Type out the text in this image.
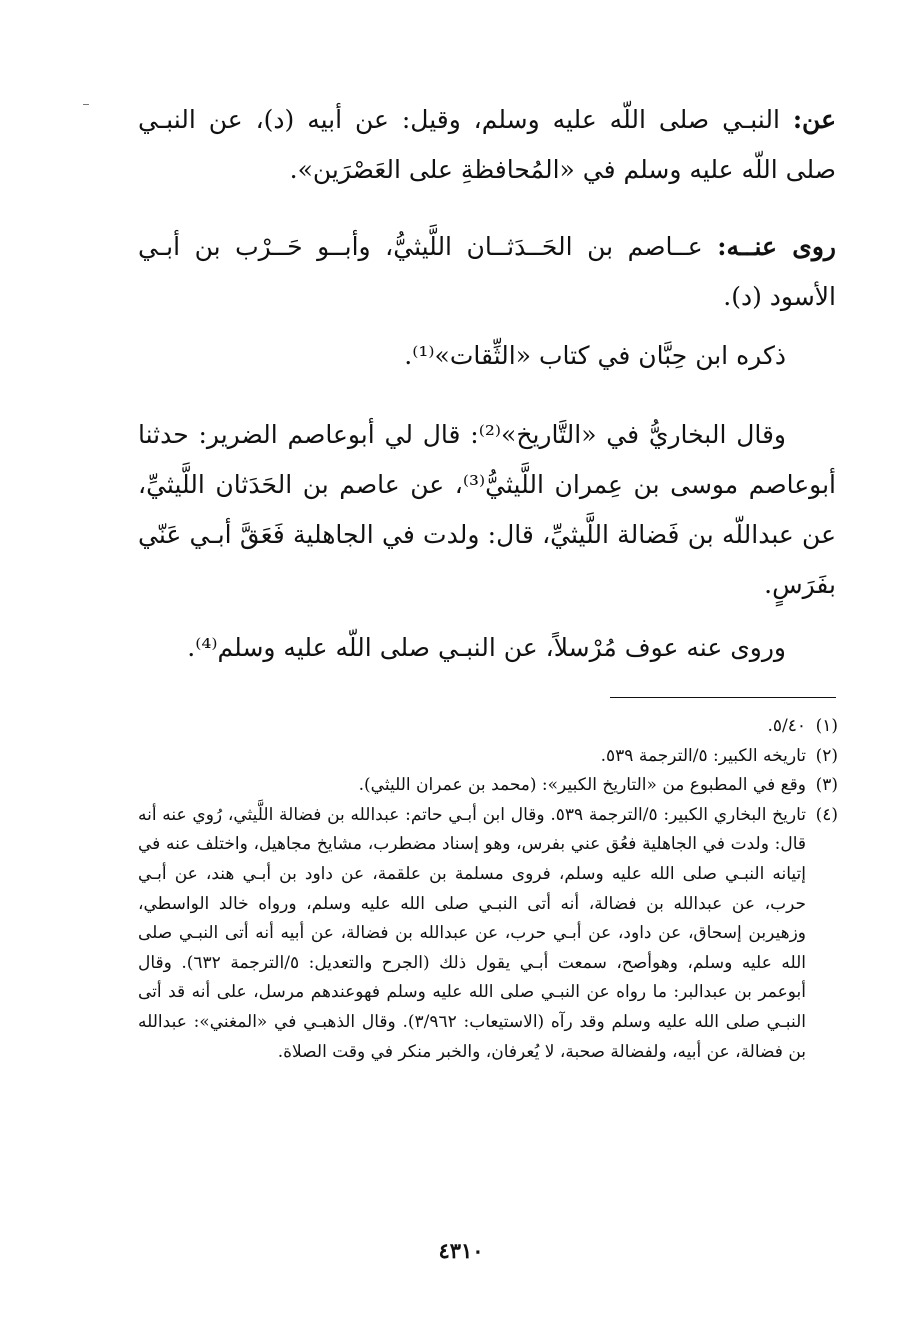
عن: النبـي صلى اللّه عليه وسلم، وقيل: عن أبيه (د)، عن النبـي صلى اللّه عليه وسلم في «المُحافظةِ على العَصْرَين».

روى عنــه: عــاصم بن الحَــدَثــان اللَّيثيُّ، وأبــو حَــرْب بن أبـي الأسود (د).

ذكره ابن حِبَّان في كتاب «الثِّقات»⁽¹⁾.

وقال البخاريُّ في «التَّاريخ»⁽²⁾: قال لي أبوعاصم الضرير: حدثنا أبوعاصم موسى بن عِمران اللَّيثيُّ⁽³⁾، عن عاصم بن الحَدَثان اللَّيثيِّ، عن عبداللّه بن فَضالة اللَّيثيِّ، قال: ولدت في الجاهلية فَعَقَّ أبـي عَنّي بفَرَسٍ.

وروى عنه عوف مُرْسلاً، عن النبـي صلى اللّه عليه وسلم⁽⁴⁾.

(١)
٥/٤٠.
(٢)
تاريخه الكبير: ٥/الترجمة ٥٣٩.
(٣)
وقع في المطبوع من «التاريخ الكبير»: (محمد بن عمران الليثي).
(٤)
تاريخ البخاري الكبير: ٥/الترجمة ٥٣٩. وقال ابن أبـي حاتم: عبدالله بن فضالة اللَّيثي، رُوي عنه أنه قال: ولدت في الجاهلية فعُق عني بفرس، وهو إسناد مضطرب، مشايخ مجاهيل، واختلف عنه في إتيانه النبـي صلى الله عليه وسلم، فروى مسلمة بن علقمة، عن داود بن أبـي هند، عن أبـي حرب، عن عبدالله بن فضالة، أنه أتى النبـي صلى الله عليه وسلم، ورواه خالد الواسطي، وزهيربن إسحاق، عن داود، عن أبـي حرب، عن عبدالله بن فضالة، عن أبيه أنه أتى النبـي صلى الله عليه وسلم، وهوأصح، سمعت أبـي يقول ذلك (الجرح والتعديل: ٥/الترجمة ٦٣٢). وقال أبوعمر بن عبدالبر: ما رواه عن النبـي صلى الله عليه وسلم فهوعندهم مرسل، على أنه قد أتى النبـي صلى الله عليه وسلم وقد رآه (الاستيعاب: ٣/٩٦٢). وقال الذهبـي في «المغني»: عبدالله بن فضالة، عن أبيه، ولفضالة صحبة، لا يُعرفان، والخبر منكر في وقت الصلاة.
٤٣١٠
